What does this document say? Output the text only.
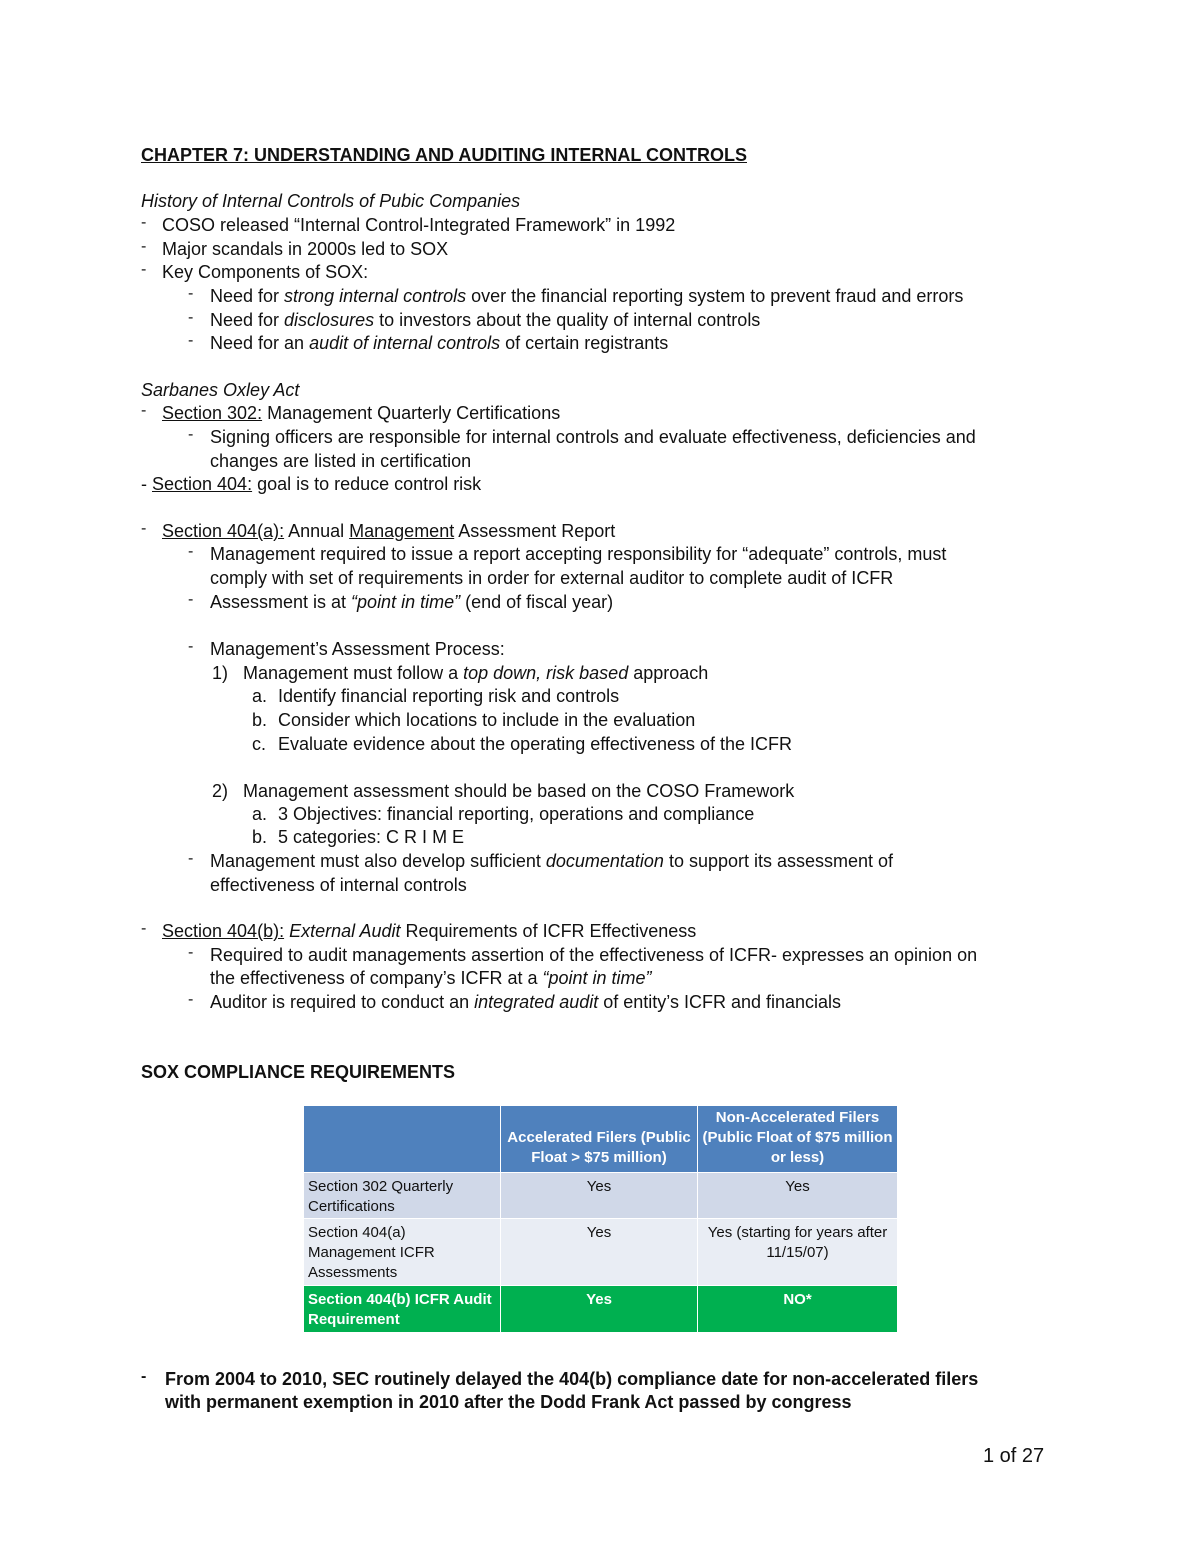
CHAPTER 7: UNDERSTANDING AND AUDITING INTERNAL CONTROLS
History of Internal Controls of Pubic Companies
- COSO released “Internal Control-Integrated Framework” in 1992
- Major scandals in 2000s led to SOX
- Key Components of SOX:
- Need for strong internal controls over the financial reporting system to prevent fraud and errors
- Need for disclosures to investors about the quality of internal controls
- Need for an audit of internal controls of certain registrants
Sarbanes Oxley Act
- Section 302: Management Quarterly Certifications
- Signing officers are responsible for internal controls and evaluate effectiveness, deficiencies and
changes are listed in certification
- Section 404: goal is to reduce control risk
- Section 404(a): Annual Management Assessment Report
- Management required to issue a report accepting responsibility for “adequate” controls, must
comply with set of requirements in order for external auditor to complete audit of ICFR
- Assessment is at “point in time” (end of fiscal year)
- Management’s Assessment Process:
1) Management must follow a top down, risk based approach
a. Identify financial reporting risk and controls
b. Consider which locations to include in the evaluation
c. Evaluate evidence about the operating effectiveness of the ICFR
2) Management assessment should be based on the COSO Framework
a. 3 Objectives: financial reporting, operations and compliance
b. 5 categories: C R I M E
- Management must also develop sufficient documentation to support its assessment of
effectiveness of internal controls
- Section 404(b): External Audit Requirements of ICFR Effectiveness
- Required to audit managements assertion of the effectiveness of ICFR- expresses an opinion on
the effectiveness of company’s ICFR at a “point in time”
- Auditor is required to conduct an integrated audit of entity’s ICFR and financials
SOX COMPLIANCE REQUIREMENTS
	Accelerated Filers (Public Float > $75 million)	Non-Accelerated Filers (Public Float of $75 million or less)
Section 302 Quarterly Certifications	Yes	Yes
Section 404(a) Management ICFR Assessments	Yes	Yes (starting for years after 11/15/07)
Section 404(b) ICFR Audit Requirement	Yes	NO*
- From 2004 to 2010, SEC routinely delayed the 404(b) compliance date for non-accelerated filers
with permanent exemption in 2010 after the Dodd Frank Act passed by congress
1 of 27
